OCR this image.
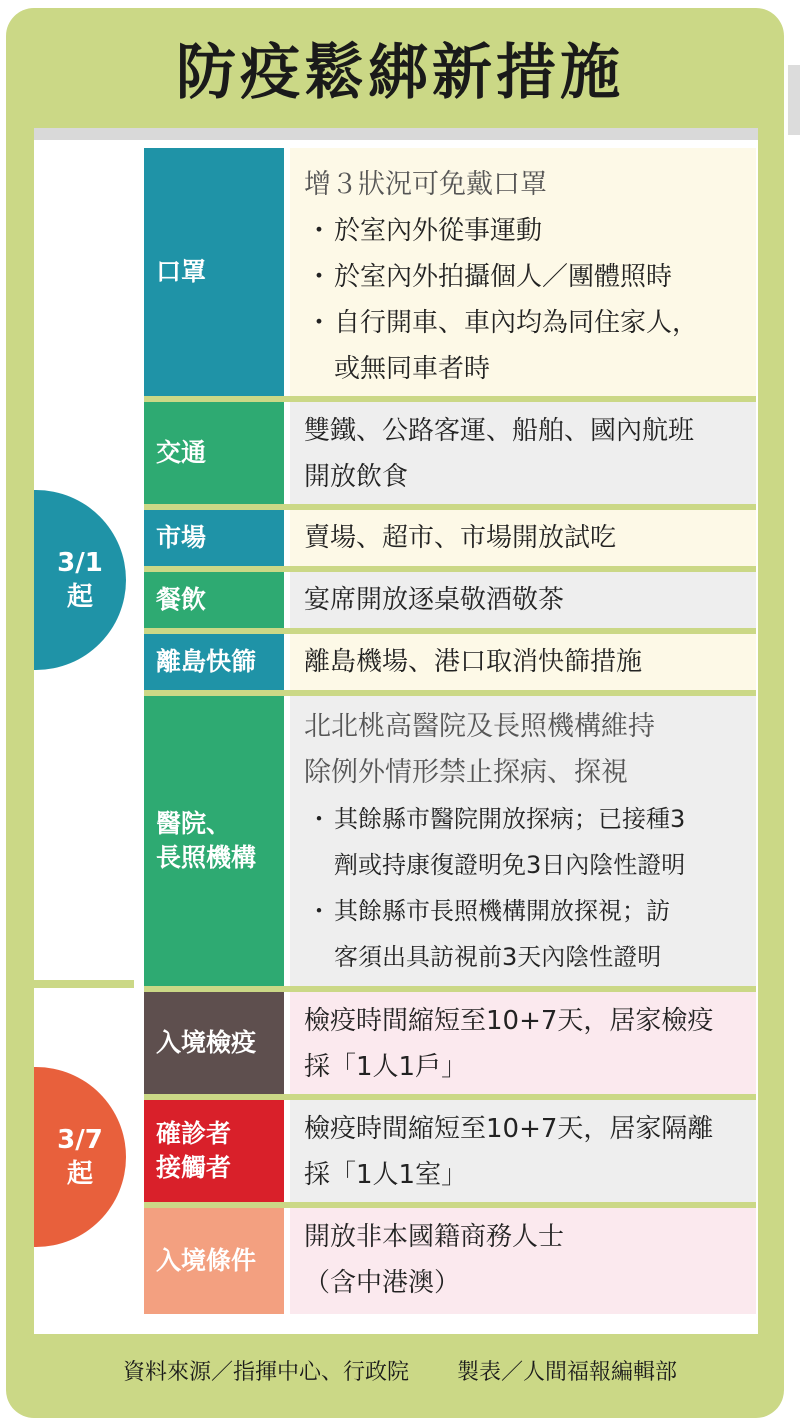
防疫鬆綁新措施
3/1
起
3/7
起
口罩
增３狀況可免戴口罩
・於室內外從事運動
・於室內外拍攝個人／團體照時
・自行開車、車內均為同住家人，
或無同車者時
交通
雙鐵、公路客運、船舶、國內航班
開放飲食
市場	賣場、超市、市場開放試吃
餐飲	宴席開放逐桌敬酒敬茶
離島快篩 離島機場、港口取消快篩措施
醫院、
長照機構
北北桃高醫院及長照機構維持
除例外情形禁止探病、探視
・ 其餘縣市醫院開放探病；已接種3
劑或持康復證明免3日內陰性證明
・ 其餘縣市長照機構開放探視；訪
客須出具訪視前3天內陰性證明
入境檢疫
檢疫時間縮短至10+7天，居家檢疫
採「1人1戶」
確診者
接觸者
檢疫時間縮短至10+7天，居家隔離
採「1人1室」
入境條件
開放非本國籍商務人士
（含中港澳）
資料來源／指揮中心、行政院 製表／人間福報編輯部
